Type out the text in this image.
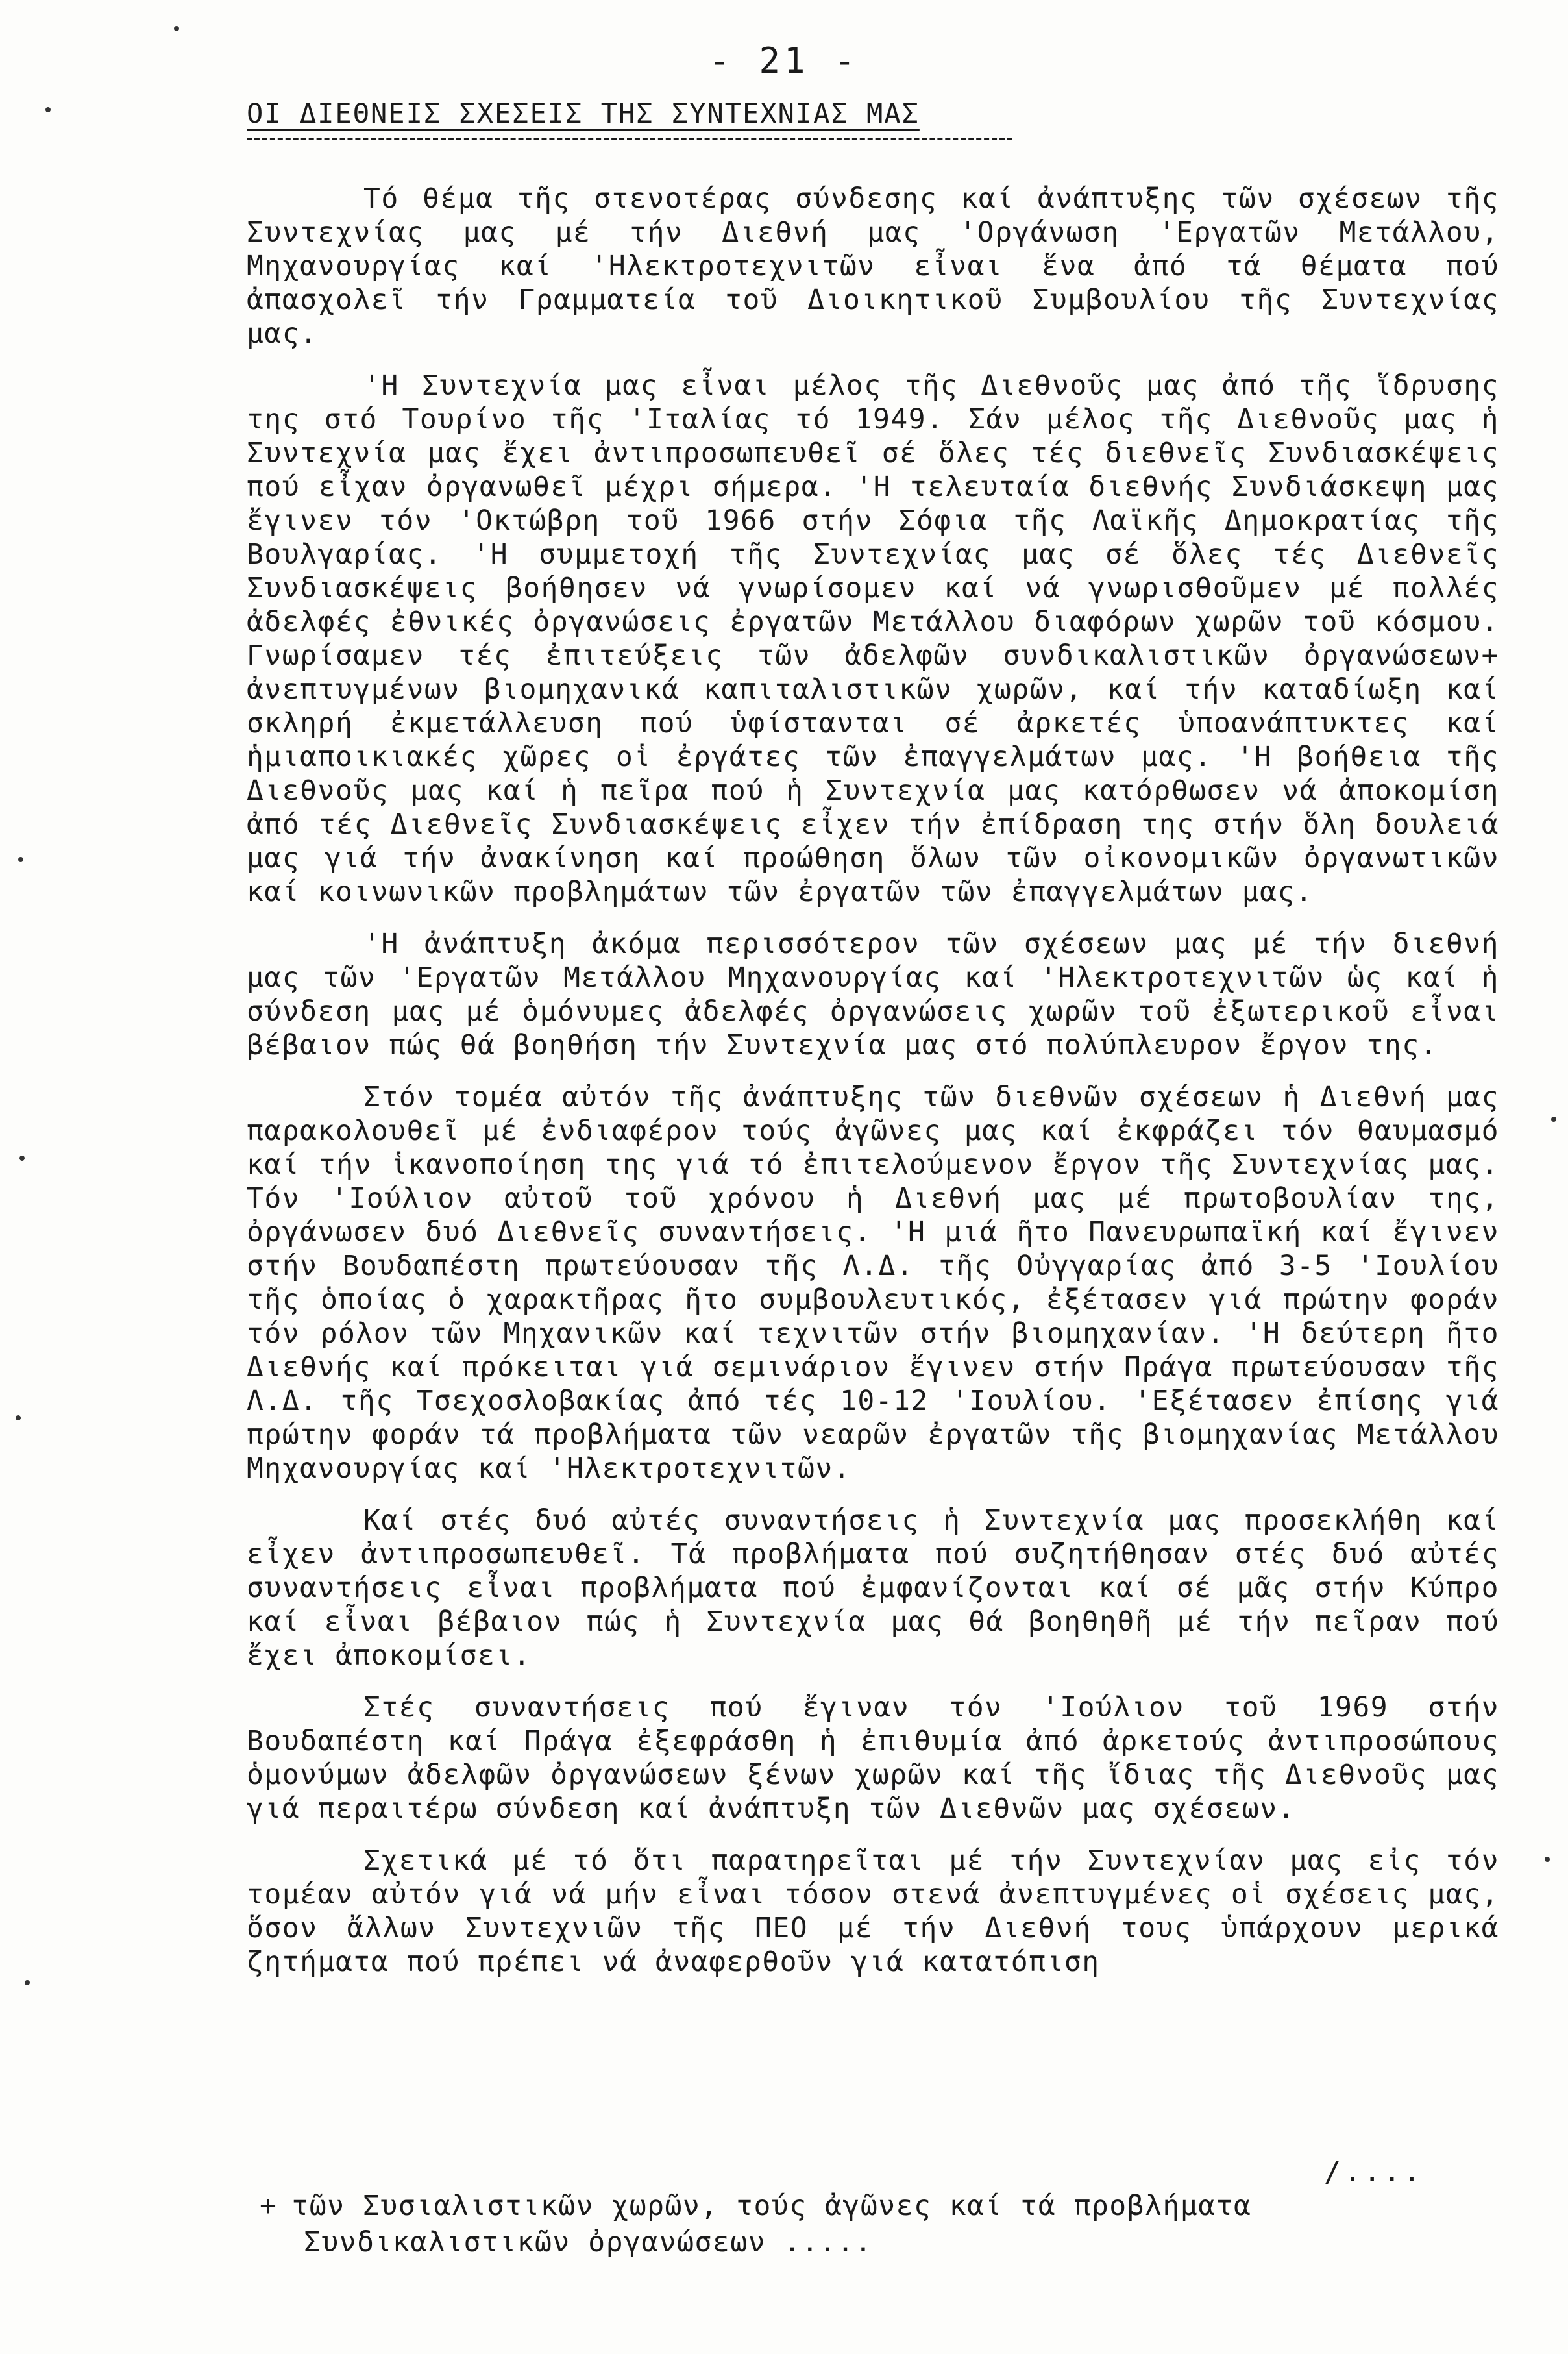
- 21 -
ΟΙ ΔΙΕΘΝΕΙΣ ΣΧΕΣΕΙΣ ΤΗΣ ΣΥΝΤΕΧΝΙΑΣ ΜΑΣ

Τό θέμα τῆς στενοτέρας σύνδεσης καί ἀνάπτυξης τῶν σχέσεων τῆς Συντεχνίας μας μέ τήν Διεθνή μας 'Οργάνωση 'Εργατῶν Μετάλλου, Μηχανουργίας καί 'Ηλεκτροτεχνιτῶν εἶναι ἕνα ἀπό τά θέματα πού ἀπασχολεῖ τήν Γραμματεία τοῦ Διοικητικοῦ Συμβουλίου τῆς Συντεχνίας μας.

'Η Συντεχνία μας εἶναι μέλος τῆς Διεθνοῦς μας ἀπό τῆς ἵδρυσης της στό Τουρίνο τῆς 'Ιταλίας τό 1949. Σάν μέλος τῆς Διεθνοῦς μας ἡ Συντεχνία μας ἔχει ἀντιπροσωπευθεῖ σέ ὅλες τές διεθνεῖς Συνδιασκέψεις πού εἶχαν ὀργανωθεῖ μέχρι σήμερα. 'Η τελευταία διεθνής Συνδιάσκεψη μας ἔγινεν τόν 'Οκτώβρη τοῦ 1966 στήν Σόφια τῆς Λαϊκῆς Δημοκρατίας τῆς Βουλγαρίας. 'Η συμμετοχή τῆς Συντεχνίας μας σέ ὅλες τές Διεθνεῖς Συνδιασκέψεις βοήθησεν νά γνωρίσομεν καί νά γνωρισθοῦμεν μέ πολλές ἀδελφές ἐθνικές ὀργανώσεις ἐργατῶν Μετάλλου διαφόρων χωρῶν τοῦ κόσμου. Γνωρίσαμεν τές ἐπιτεύξεις τῶν ἀδελφῶν συνδικαλιστικῶν ὀργανώσεων+ ἀνεπτυγμένων βιομηχανικά καπιταλιστικῶν χωρῶν, καί τήν καταδίωξη καί σκληρή ἐκμετάλλευση πού ὑφίστανται σέ ἀρκετές ὑποανάπτυκτες καί ἡμιαποικιακές χῶρες οἱ ἐργάτες τῶν ἐπαγγελμάτων μας. 'Η βοήθεια τῆς Διεθνοῦς μας καί ἡ πεῖρα πού ἡ Συντεχνία μας κατόρθωσεν νά ἀποκομίση ἀπό τές Διεθνεῖς Συνδιασκέψεις εἶχεν τήν ἐπίδραση της στήν ὅλη δουλειά μας γιά τήν ἀνακίνηση καί προώθηση ὅλων τῶν οἰκονομικῶν ὀργανωτικῶν καί κοινωνικῶν προβλημάτων τῶν ἐργατῶν τῶν ἐπαγγελμάτων μας.

'Η ἀνάπτυξη ἀκόμα περισσότερον τῶν σχέσεων μας μέ τήν διεθνή μας τῶν 'Εργατῶν Μετάλλου Μηχανουργίας καί 'Ηλεκτροτεχνιτῶν ὡς καί ἡ σύνδεση μας μέ ὁμόνυμες ἀδελφές ὀργανώσεις χωρῶν τοῦ ἐξωτερικοῦ εἶναι βέβαιον πώς θά βοηθήση τήν Συντεχνία μας στό πολύπλευρον ἔργον της.

Στόν τομέα αὐτόν τῆς ἀνάπτυξης τῶν διεθνῶν σχέσεων ἡ Διεθνή μας παρακολουθεῖ μέ ἐνδιαφέρον τούς ἀγῶνες μας καί ἐκφράζει τόν θαυμασμό καί τήν ἱκανοποίηση της γιά τό ἐπιτελούμενον ἔργον τῆς Συντεχνίας μας. Τόν 'Ιούλιον αὐτοῦ τοῦ χρόνου ἡ Διεθνή μας μέ πρωτοβουλίαν της, ὀργάνωσεν δυό Διεθνεῖς συναντήσεις. 'Η μιά ῆτο Πανευρωπαϊκή καί ἔγινεν στήν Βουδαπέστη πρωτεύουσαν τῆς Λ.Δ. τῆς Οὐγγαρίας ἀπό 3-5 'Ιουλίου τῆς ὁποίας ὁ χαρακτῆρας ῆτο συμβουλευτικός, ἐξέτασεν γιά πρώτην φοράν τόν ρόλον τῶν Μηχανικῶν καί τεχνιτῶν στήν βιομηχανίαν. 'Η δεύτερη ῆτο Διεθνής καί πρόκειται γιά σεμινάριον ἔγινεν στήν Πράγα πρωτεύουσαν τῆς Λ.Δ. τῆς Τσεχοσλοβακίας ἀπό τές 10-12 'Ιουλίου. 'Εξέτασεν ἐπίσης γιά πρώτην φοράν τά προβλήματα τῶν νεαρῶν ἐργατῶν τῆς βιομηχανίας Μετάλλου Μηχανουργίας καί 'Ηλεκτροτεχνιτῶν.

Καί στές δυό αὐτές συναντήσεις ἡ Συντεχνία μας προσεκλήθη καί εἶχεν ἀντιπροσωπευθεῖ. Τά προβλήματα πού συζητήθησαν στές δυό αὐτές συναντήσεις εἶναι προβλήματα πού ἐμφανίζονται καί σέ μᾶς στήν Κύπρο καί εἶναι βέβαιον πώς ἡ Συντεχνία μας θά βοηθηθῆ μέ τήν πεῖραν πού ἔχει ἀποκομίσει.

Στές συναντήσεις πού ἔγιναν τόν 'Ιούλιον τοῦ 1969 στήν Βουδαπέστη καί Πράγα ἐξεφράσθη ἡ ἐπιθυμία ἀπό ἀρκετούς ἀντιπροσώπους ὁμονύμων ἀδελφῶν ὀργανώσεων ξένων χωρῶν καί τῆς ἴδιας τῆς Διεθνοῦς μας γιά περαιτέρω σύνδεση καί ἀνάπτυξη τῶν Διεθνῶν μας σχέσεων.

Σχετικά μέ τό ὅτι παρατηρεῖται μέ τήν Συντεχνίαν μας εἰς τόν τομέαν αὐτόν γιά νά μήν εἶναι τόσον στενά ἀνεπτυγμένες οἱ σχέσεις μας, ὅσον ἄλλων Συντεχνιῶν τῆς ΠΕΟ μέ τήν Διεθνή τους ὑπάρχουν μερικά ζητήματα πού πρέπει νά ἀναφερθοῦν γιά κατατόπιση

/....
+ τῶν Συσιαλιστικῶν χωρῶν, τούς ἀγῶνες καί τά προβλήματα
Συνδικαλιστικῶν ὀργανώσεων .....
